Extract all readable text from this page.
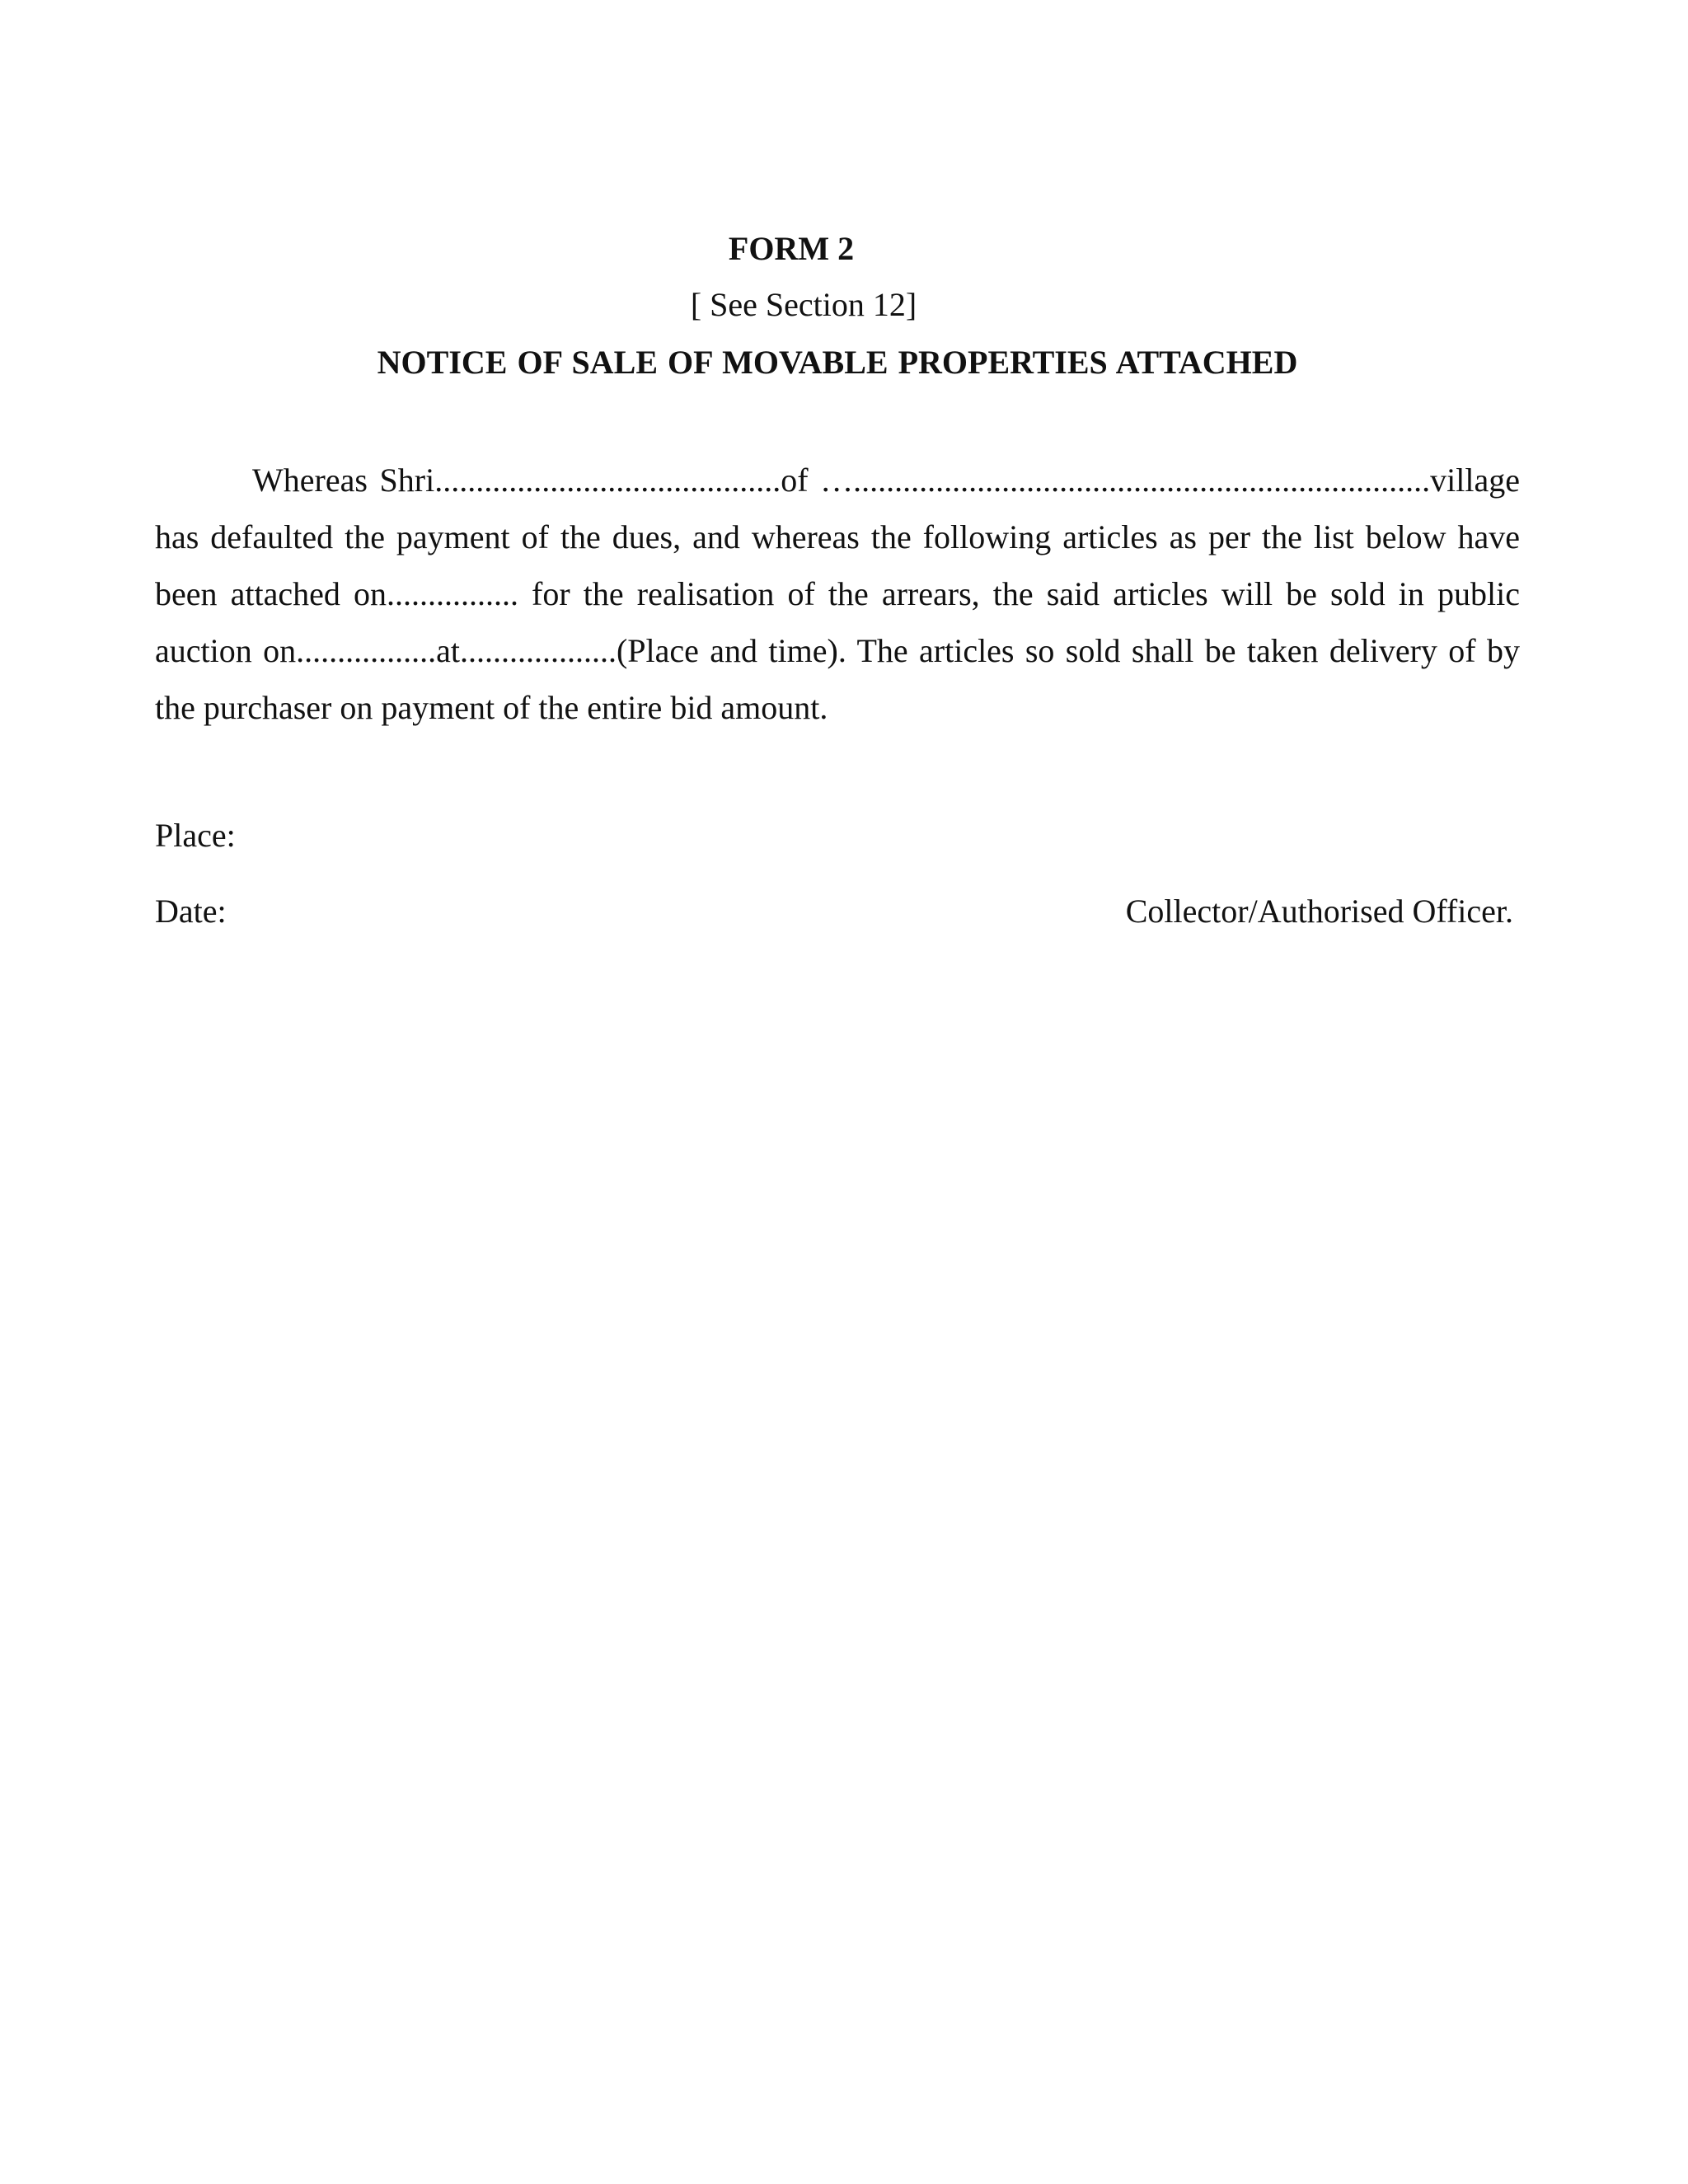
FORM 2
[ See Section 12]
NOTICE OF SALE OF MOVABLE PROPERTIES ATTACHED
Whereas Shri..........................................of …......................................................................village
has defaulted the payment of the dues, and whereas the following articles as per the list below have
been attached on................ for the realisation of the arrears, the said articles will be sold in public
auction on.................at...................(Place and time). The articles so sold shall be taken delivery of by
the purchaser on payment of the entire bid amount.
Place:
Date:	Collector/Authorised Officer.
